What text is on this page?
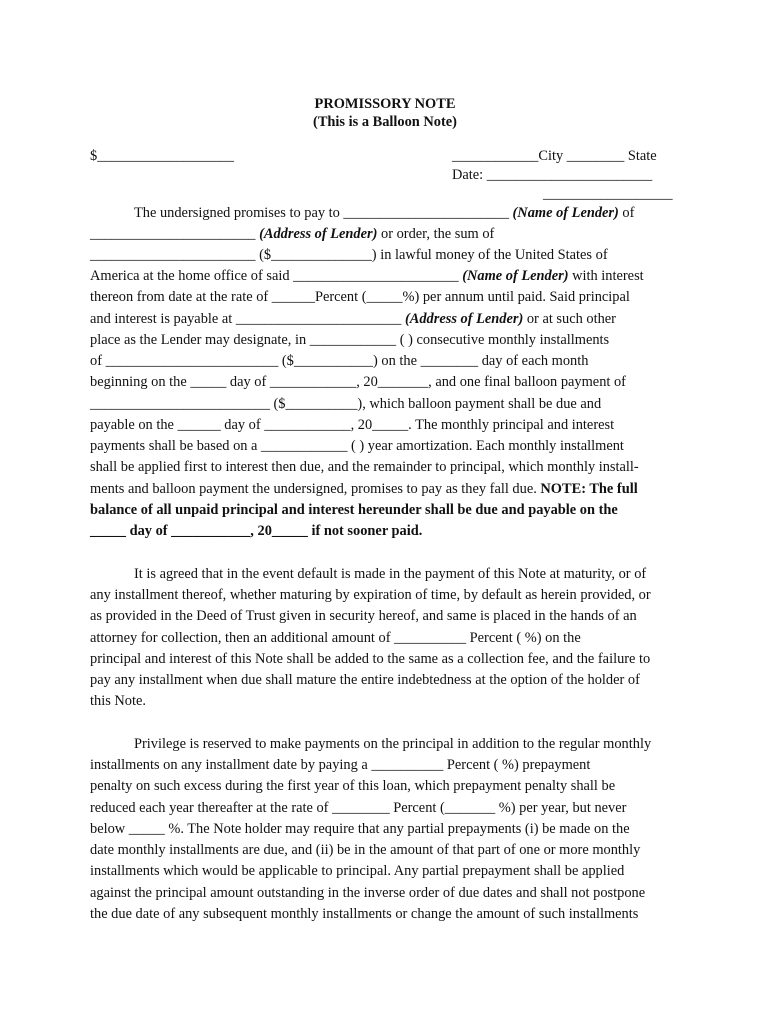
PROMISSORY NOTE
(This is a Balloon Note)
$___________________	____________City ________ State
Date: _______________________
__________________
The undersigned promises to pay to _______________________ (Name of Lender) of
_______________________ (Address of Lender) or order, the sum of
_______________________ ($______________) in lawful money of the United States of
America at the home office of said _______________________ (Name of Lender) with interest
thereon from date at the rate of ______Percent (_____%) per annum until paid. Said principal
and interest is payable at _______________________ (Address of Lender) or at such other
place as the Lender may designate, in ____________ ( ) consecutive monthly installments
of ________________________ ($___________) on the ________ day of each month
beginning on the _____ day of ____________, 20_______, and one final balloon payment of
_________________________ ($__________), which balloon payment shall be due and
payable on the ______ day of ____________, 20_____. The monthly principal and interest
payments shall be based on a ____________ ( ) year amortization. Each monthly installment
shall be applied first to interest then due, and the remainder to principal, which monthly install-
ments and balloon payment the undersigned, promises to pay as they fall due. NOTE: The full
balance of all unpaid principal and interest hereunder shall be due and payable on the
_____ day of ___________, 20_____ if not sooner paid.
It is agreed that in the event default is made in the payment of this Note at maturity, or of
any installment thereof, whether maturing by expiration of time, by default as herein provided, or
as provided in the Deed of Trust given in security hereof, and same is placed in the hands of an
attorney for collection, then an additional amount of __________ Percent ( %) on the
principal and interest of this Note shall be added to the same as a collection fee, and the failure to
pay any installment when due shall mature the entire indebtedness at the option of the holder of
this Note.
Privilege is reserved to make payments on the principal in addition to the regular monthly
installments on any installment date by paying a __________ Percent ( %) prepayment
penalty on such excess during the first year of this loan, which prepayment penalty shall be
reduced each year thereafter at the rate of ________ Percent (_______ %) per year, but never
below _____ %. The Note holder may require that any partial prepayments (i) be made on the
date monthly installments are due, and (ii) be in the amount of that part of one or more monthly
installments which would be applicable to principal. Any partial prepayment shall be applied
against the principal amount outstanding in the inverse order of due dates and shall not postpone
the due date of any subsequent monthly installments or change the amount of such installments
